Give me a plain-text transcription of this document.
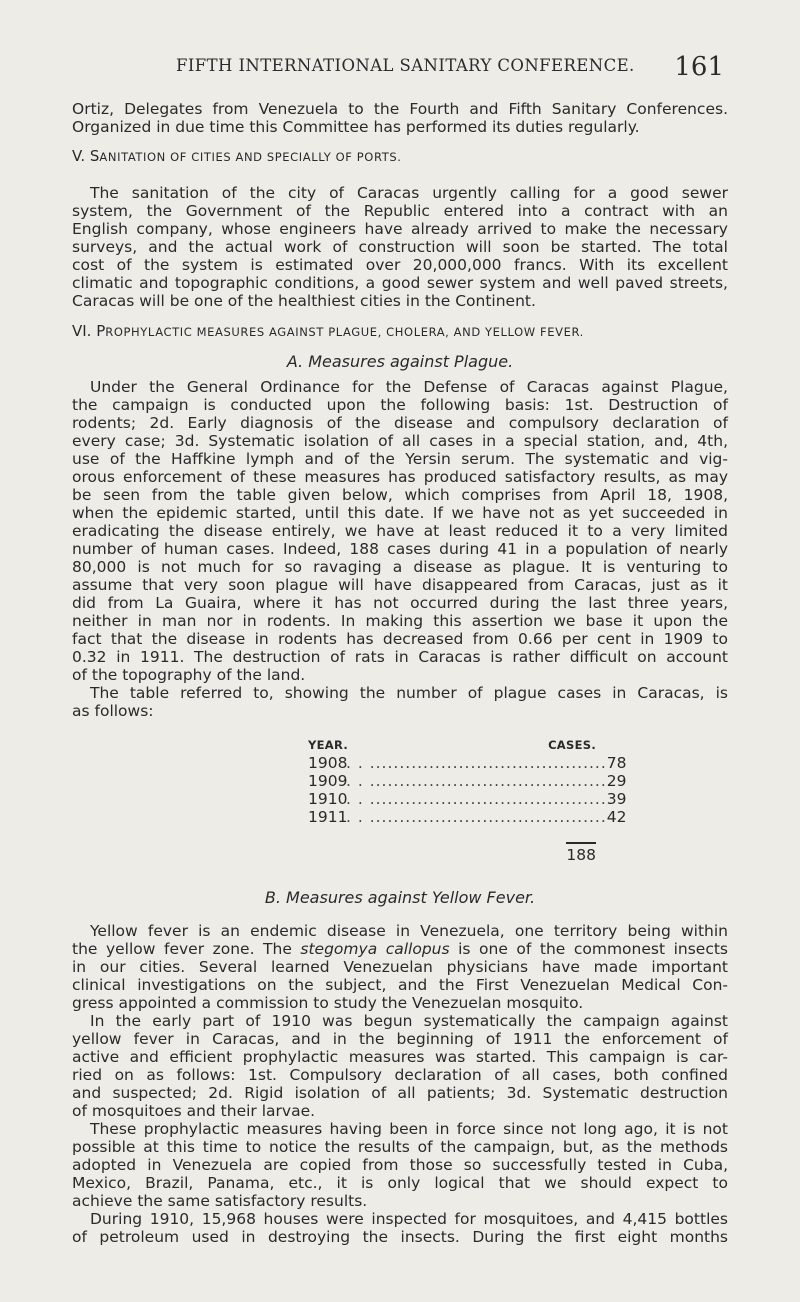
FIFTH INTERNATIONAL SANITARY CONFERENCE. 161
Ortiz, Delegates from Venezuela to the Fourth and Fifth Sanitary Conferences.
Organized in due time this Committee has performed its duties regularly.
V. SANITATION OF CITIES AND SPECIALLY OF PORTS.
The sanitation of the city of Caracas urgently calling for a good sewer
system, the Government of the Republic entered into a contract with an
English company, whose engineers have already arrived to make the necessary
surveys, and the actual work of construction will soon be started. The total
cost of the system is estimated over 20,000,000 francs. With its excellent
climatic and topographic conditions, a good sewer system and well paved streets,
Caracas will be one of the healthiest cities in the Continent.
VI. PROPHYLACTIC MEASURES AGAINST PLAGUE, CHOLERA, AND YELLOW FEVER.
A. Measures against Plague.
Under the General Ordinance for the Defense of Caracas against Plague,
the campaign is conducted upon the following basis: 1st. Destruction of
rodents; 2d. Early diagnosis of the disease and compulsory declaration of
every case; 3d. Systematic isolation of all cases in a special station, and, 4th,
use of the Haffkine lymph and of the Yersin serum. The systematic and vig-
orous enforcement of these measures has produced satisfactory results, as may
be seen from the table given below, which comprises from April 18, 1908,
when the epidemic started, until this date. If we have not as yet succeeded in
eradicating the disease entirely, we have at least reduced it to a very limited
number of human cases. Indeed, 188 cases during 41 in a population of nearly
80,000 is not much for so ravaging a disease as plague. It is venturing to
assume that very soon plague will have disappeared from Caracas, just as it
did from La Guaira, where it has not occurred during the last three years,
neither in man nor in rodents. In making this assertion we base it upon the
fact that the disease in rodents has decreased from 0.66 per cent in 1909 to
0.32 in 1911. The destruction of rats in Caracas is rather difficult on account
of the topography of the land.
The table referred to, showing the number of plague cases in Caracas, is
as follows:
YEAR.	CASES.
1908
. . ........................................ 78
1909
. . ........................................ 29
1910
. . ........................................ 39
1911
. . ........................................ 42
188
B. Measures against Yellow Fever.
Yellow fever is an endemic disease in Venezuela, one territory being within
the yellow fever zone. The stegomya callopus is one of the commonest insects
in our cities. Several learned Venezuelan physicians have made important
clinical investigations on the subject, and the First Venezuelan Medical Con-
gress appointed a commission to study the Venezuelan mosquito.
In the early part of 1910 was begun systematically the campaign against
yellow fever in Caracas, and in the beginning of 1911 the enforcement of
active and efficient prophylactic measures was started. This campaign is car-
ried on as follows: 1st. Compulsory declaration of all cases, both confined
and suspected; 2d. Rigid isolation of all patients; 3d. Systematic destruction
of mosquitoes and their larvae.
These prophylactic measures having been in force since not long ago, it is not
possible at this time to notice the results of the campaign, but, as the methods
adopted in Venezuela are copied from those so successfully tested in Cuba,
Mexico, Brazil, Panama, etc., it is only logical that we should expect to
achieve the same satisfactory results.
During 1910, 15,968 houses were inspected for mosquitoes, and 4,415 bottles
of petroleum used in destroying the insects. During the first eight months
